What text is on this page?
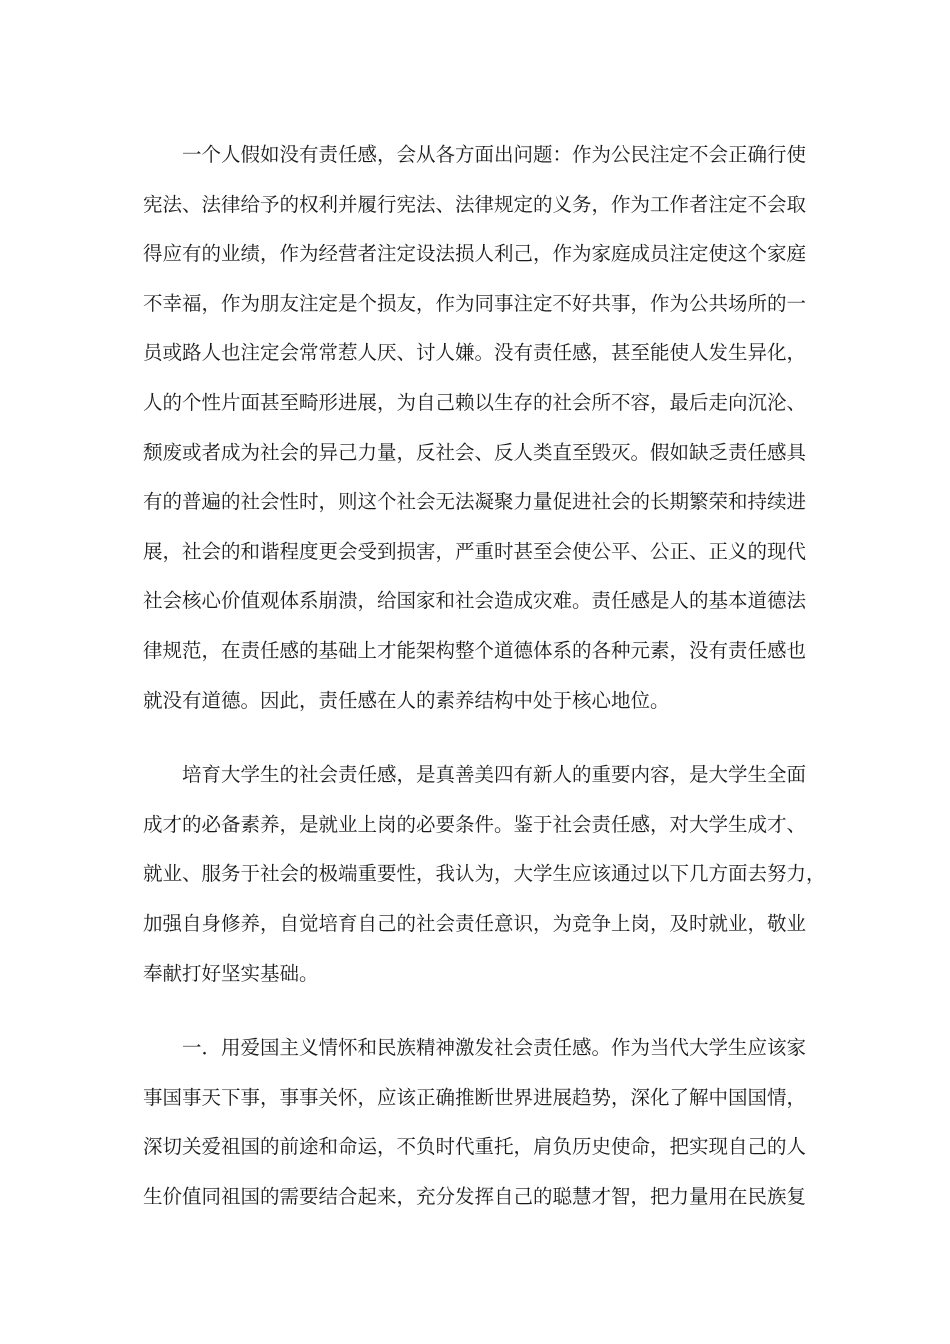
一个人假如没有责任感，会从各方面出问题：作为公民注定不会正确行使
宪法、法律给予的权利并履行宪法、法律规定的义务，作为工作者注定不会取
得应有的业绩，作为经营者注定设法损人利己，作为家庭成员注定使这个家庭
不幸福，作为朋友注定是个损友，作为同事注定不好共事，作为公共场所的一
员或路人也注定会常常惹人厌、讨人嫌。没有责任感，甚至能使人发生异化，
人的个性片面甚至畸形进展，为自己赖以生存的社会所不容，最后走向沉沦、
颓废或者成为社会的异己力量，反社会、反人类直至毁灭。假如缺乏责任感具
有的普遍的社会性时，则这个社会无法凝聚力量促进社会的长期繁荣和持续进
展，社会的和谐程度更会受到损害，严重时甚至会使公平、公正、正义的现代
社会核心价值观体系崩溃，给国家和社会造成灾难。责任感是人的基本道德法
律规范，在责任感的基础上才能架构整个道德体系的各种元素，没有责任感也
就没有道德。因此，责任感在人的素养结构中处于核心地位。
培育大学生的社会责任感，是真善美四有新人的重要内容，是大学生全面
成才的必备素养，是就业上岗的必要条件。鉴于社会责任感，对大学生成才、
就业、服务于社会的极端重要性，我认为，大学生应该通过以下几方面去努力，
加强自身修养，自觉培育自己的社会责任意识，为竞争上岗，及时就业，敬业
奉献打好坚实基础。
一．用爱国主义情怀和民族精神激发社会责任感。作为当代大学生应该家
事国事天下事，事事关怀，应该正确推断世界进展趋势，深化了解中国国情，
深切关爱祖国的前途和命运，不负时代重托，肩负历史使命，把实现自己的人
生价值同祖国的需要结合起来，充分发挥自己的聪慧才智，把力量用在民族复
